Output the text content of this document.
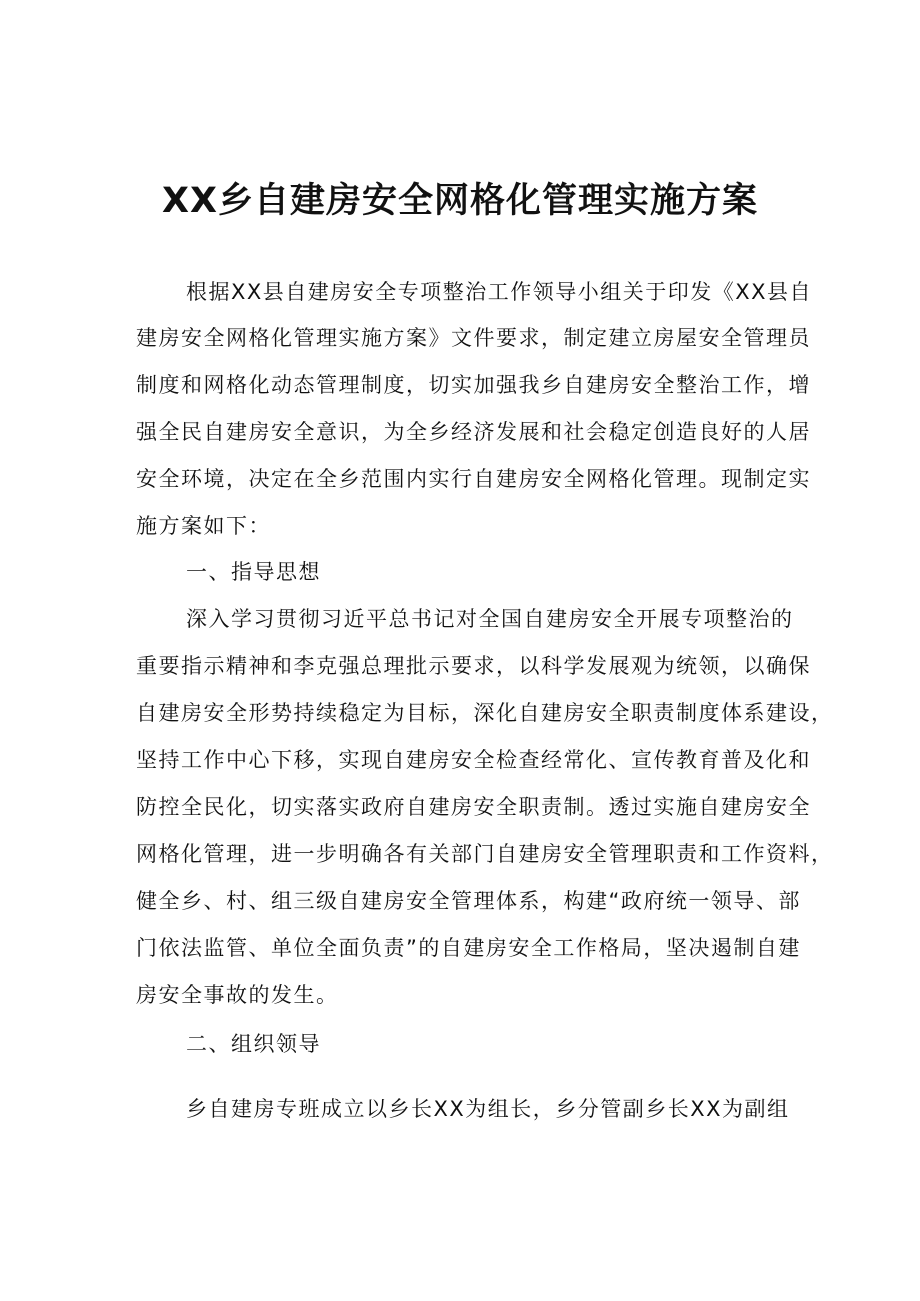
XX乡自建房安全网格化管理实施方案
根据XX县自建房安全专项整治工作领导小组关于印发《XX县自
建房安全网格化管理实施方案》文件要求，制定建立房屋安全管理员
制度和网格化动态管理制度，切实加强我乡自建房安全整治工作，增
强全民自建房安全意识，为全乡经济发展和社会稳定创造良好的人居
安全环境，决定在全乡范围内实行自建房安全网格化管理。现制定实
施方案如下：
一、指导思想
深入学习贯彻习近平总书记对全国自建房安全开展专项整治的
重要指示精神和李克强总理批示要求，以科学发展观为统领，以确保
自建房安全形势持续稳定为目标，深化自建房安全职责制度体系建设，
坚持工作中心下移，实现自建房安全检查经常化、宣传教育普及化和
防控全民化，切实落实政府自建房安全职责制。透过实施自建房安全
网格化管理，进一步明确各有关部门自建房安全管理职责和工作资料，
健全乡、村、组三级自建房安全管理体系，构建“政府统一领导、部
门依法监管、单位全面负责”的自建房安全工作格局，坚决遏制自建
房安全事故的发生。
二、组织领导
乡自建房专班成立以乡长XX为组长，乡分管副乡长XX为副组
